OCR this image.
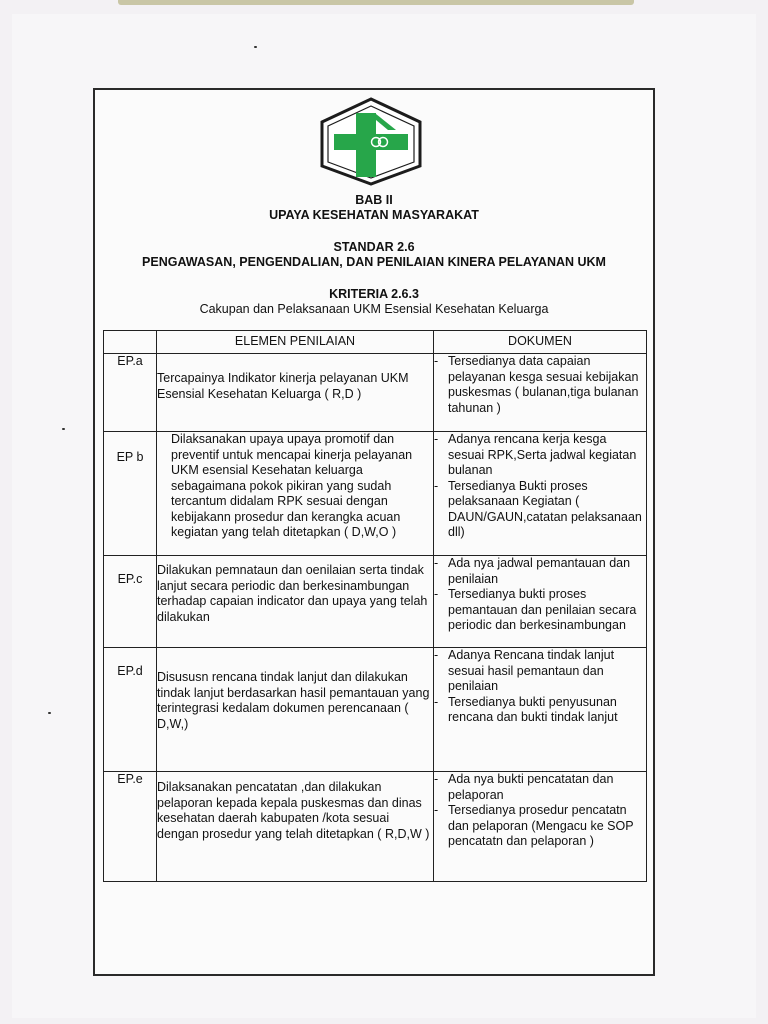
BAB II
UPAYA KESEHATAN MASYARAKAT
STANDAR 2.6
PENGAWASAN, PENGENDALIAN, DAN PENILAIAN KINERA PELAYANAN UKM
KRITERIA 2.6.3
Cakupan dan Pelaksanaan UKM Esensial Kesehatan Keluarga
	ELEMEN PENILAIAN	DOKUMEN

EP.a	Tercapainya Indikator kinerja pelayanan UKM Esensial Kesehatan Keluarga ( R,D )	- Tersedianya data capaian pelayanan kesga sesuai kebijakan puskesmas ( bulanan,tiga bulanan tahunan )

EP b	Dilaksanakan upaya upaya promotif dan preventif untuk mencapai kinerja pelayanan UKM esensial Kesehatan keluarga sebagaimana pokok pikiran yang sudah tercantum didalam RPK sesuai dengan kebijakann prosedur dan kerangka acuan kegiatan yang telah ditetapkan ( D,W,O )	- Adanya rencana kerja kesga sesuai RPK,Serta jadwal kegiatan bulanan
- Tersedianya Bukti proses pelaksanaan Kegiatan ( DAUN/GAUN,catatan pelaksanaan dll)

EP.c	Dilakukan pemnataun dan oenilaian serta tindak lanjut secara periodic dan berkesinambungan terhadap capaian indicator dan upaya yang telah dilakukan	- Ada nya jadwal pemantauan dan penilaian
- Tersedianya bukti proses pemantauan dan penilaian secara periodic dan berkesinambungan

EP.d	Disususn rencana tindak lanjut dan dilakukan tindak lanjut berdasarkan hasil pemantauan yang terintegrasi kedalam dokumen perencanaan ( D,W,)	- Adanya Rencana tindak lanjut sesuai hasil pemantaun dan penilaian
- Tersedianya bukti penyusunan rencana dan bukti tindak lanjut

EP.e	Dilaksanakan pencatatan ,dan dilakukan pelaporan kepada kepala puskesmas dan dinas kesehatan daerah kabupaten /kota sesuai dengan prosedur yang telah ditetapkan ( R,D,W )	- Ada nya bukti pencatatan dan pelaporan
- Tersedianya prosedur pencatatn dan pelaporan (Mengacu ke SOP pencatatn dan pelaporan )
